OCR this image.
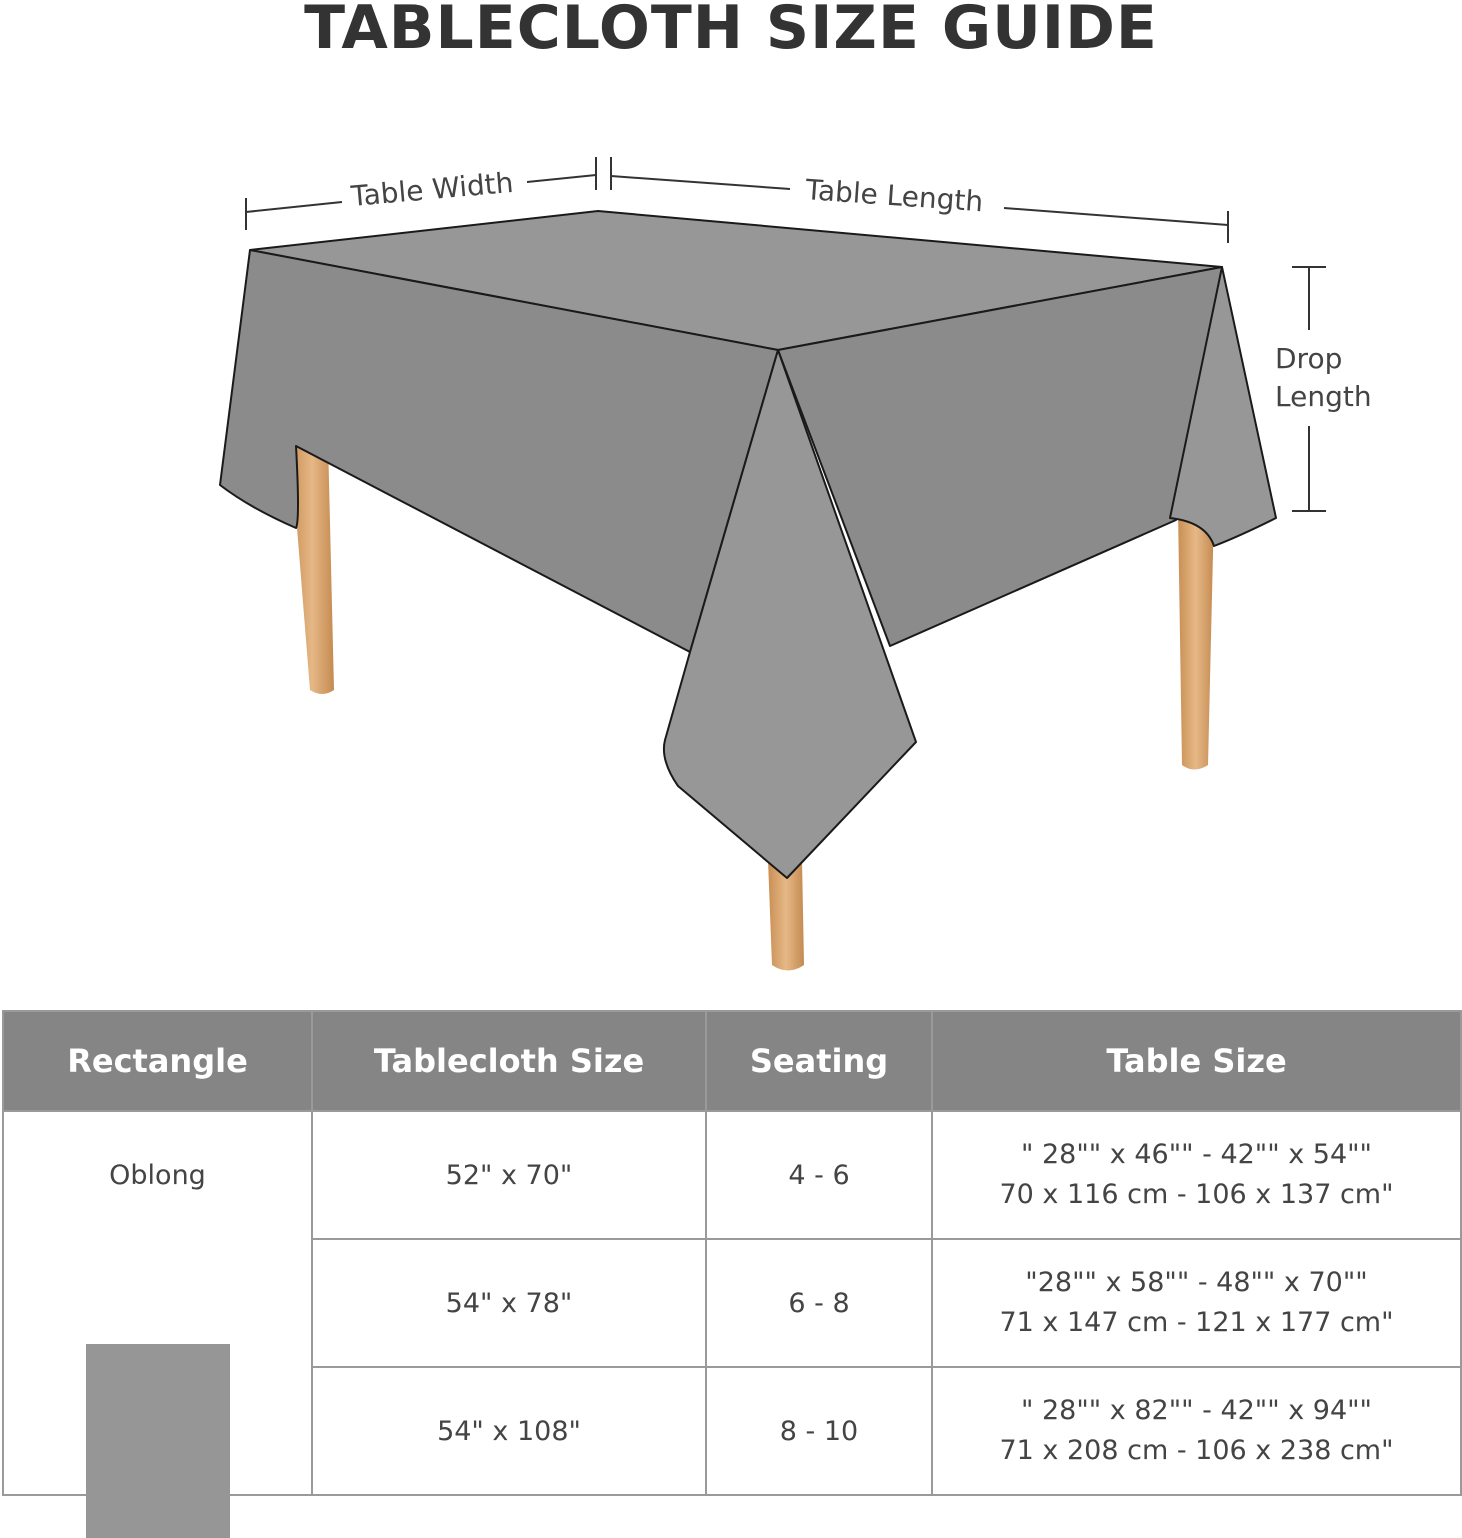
TABLECLOTH SIZE GUIDE
Table Width	Table Length
Drop
Length
Rectangle	Tablecloth Size	Seating	Table Size

Oblong	52" x 70"	4 - 6	" 28"" x 46"" - 42"" x 54""
70 x 116 cm - 106 x 137 cm"

	54" x 78"	6 - 8	"28"" x 58"" - 48"" x 70""
71 x 147 cm - 121 x 177 cm"

	54" x 108"	8 - 10	" 28"" x 82"" - 42"" x 94""
71 x 208 cm - 106 x 238 cm"
